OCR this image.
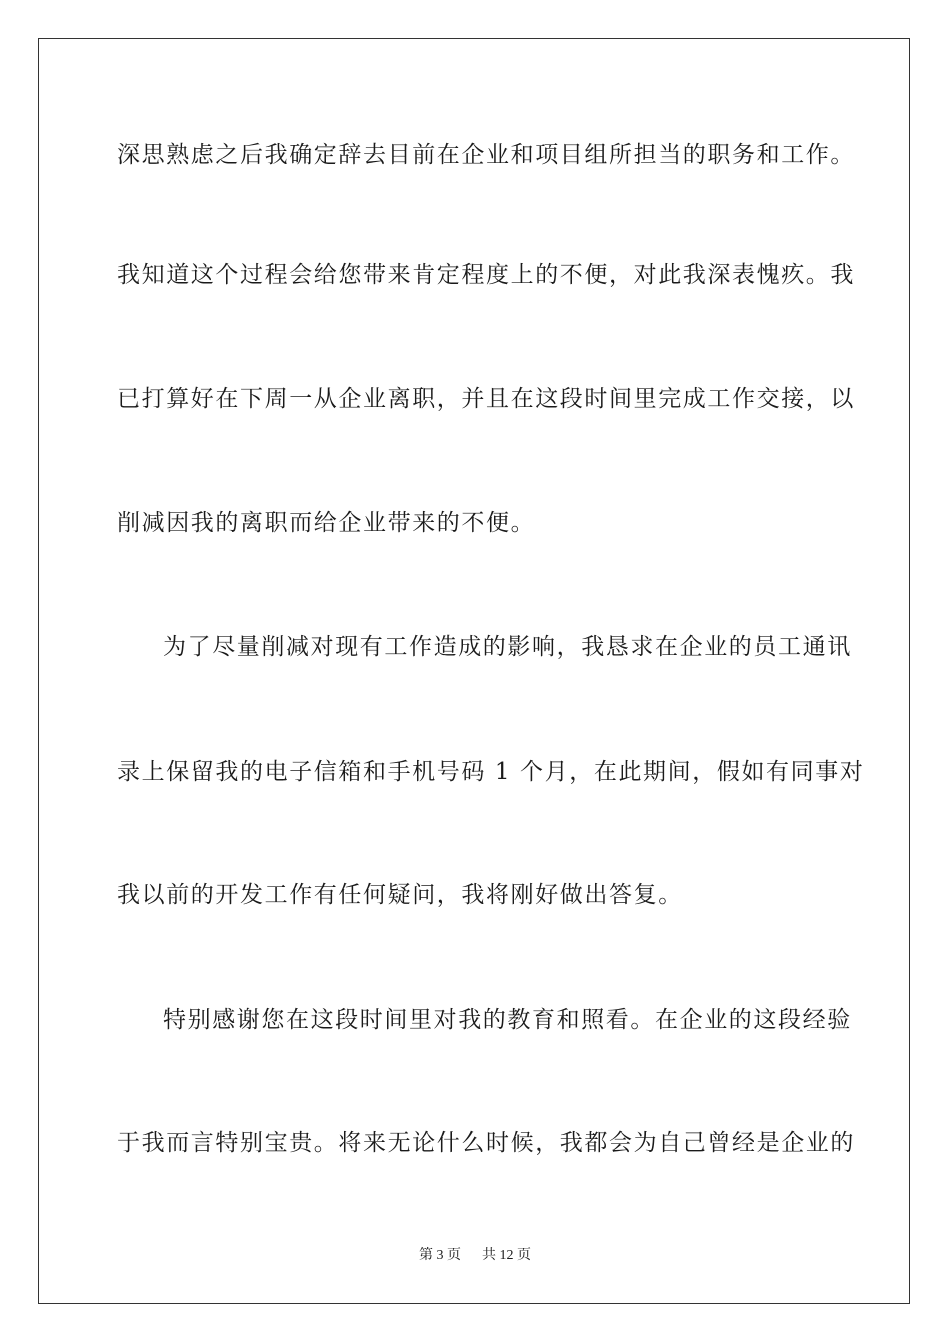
深思熟虑之后我确定辞去目前在企业和项目组所担当的职务和工作。
我知道这个过程会给您带来肯定程度上的不便，对此我深表愧疚。我
已打算好在下周一从企业离职，并且在这段时间里完成工作交接，以
削减因我的离职而给企业带来的不便。
为了尽量削减对现有工作造成的影响，我恳求在企业的员工通讯
录上保留我的电子信箱和手机号码 1 个月，在此期间，假如有同事对
我以前的开发工作有任何疑问，我将刚好做出答复。
特别感谢您在这段时间里对我的教育和照看。在企业的这段经验
于我而言特别宝贵。将来无论什么时候，我都会为自己曾经是企业的
第 3 页 共 12 页
